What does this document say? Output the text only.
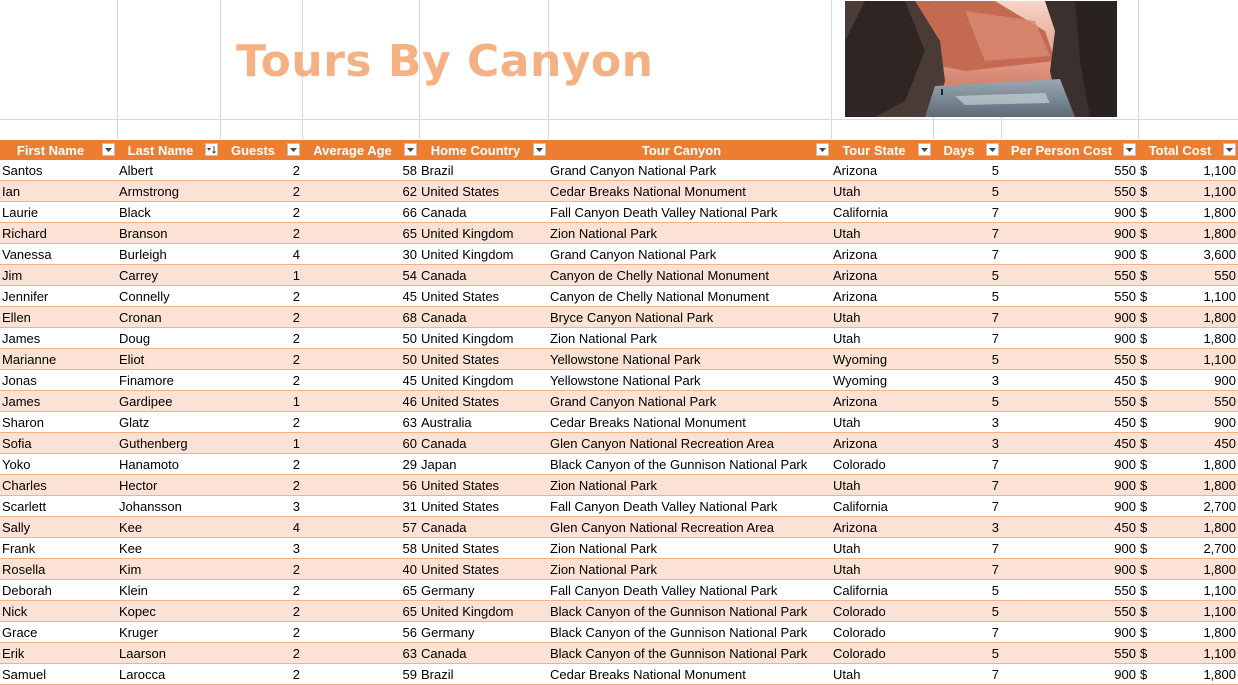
Tours By Canyon
First Name	Last Name	Guests	Average Age	Home Country	Tour Canyon	Tour State	Days	Per Person Cost	Total Cost

Santos	Albert	2	58	Brazil	Grand Canyon National Park	Arizona	5	550	$ 1,100

Ian	Armstrong	2	62	United States	Cedar Breaks National Monument	Utah	5	550	$ 1,100

Laurie	Black	2	66	Canada	Fall Canyon Death Valley National Park	California	7	900	$ 1,800

Richard	Branson	2	65	United Kingdom	Zion National Park	Utah	7	900	$ 1,800

Vanessa	Burleigh	4	30	United Kingdom	Grand Canyon National Park	Arizona	7	900	$ 3,600

Jim	Carrey	1	54	Canada	Canyon de Chelly National Monument	Arizona	5	550	$ 550

Jennifer	Connelly	2	45	United States	Canyon de Chelly National Monument	Arizona	5	550	$ 1,100

Ellen	Cronan	2	68	Canada	Bryce Canyon National Park	Utah	7	900	$ 1,800

James	Doug	2	50	United Kingdom	Zion National Park	Utah	7	900	$ 1,800

Marianne	Eliot	2	50	United States	Yellowstone National Park	Wyoming	5	550	$ 1,100

Jonas	Finamore	2	45	United Kingdom	Yellowstone National Park	Wyoming	3	450	$ 900

James	Gardipee	1	46	United States	Grand Canyon National Park	Arizona	5	550	$ 550

Sharon	Glatz	2	63	Australia	Cedar Breaks National Monument	Utah	3	450	$ 900

Sofia	Guthenberg	1	60	Canada	Glen Canyon National Recreation Area	Arizona	3	450	$ 450

Yoko	Hanamoto	2	29	Japan	Black Canyon of the Gunnison National Park	Colorado	7	900	$ 1,800

Charles	Hector	2	56	United States	Zion National Park	Utah	7	900	$ 1,800

Scarlett	Johansson	3	31	United States	Fall Canyon Death Valley National Park	California	7	900	$ 2,700

Sally	Kee	4	57	Canada	Glen Canyon National Recreation Area	Arizona	3	450	$ 1,800

Frank	Kee	3	58	United States	Zion National Park	Utah	7	900	$ 2,700

Rosella	Kim	2	40	United States	Zion National Park	Utah	7	900	$ 1,800

Deborah	Klein	2	65	Germany	Fall Canyon Death Valley National Park	California	5	550	$ 1,100

Nick	Kopec	2	65	United Kingdom	Black Canyon of the Gunnison National Park	Colorado	5	550	$ 1,100

Grace	Kruger	2	56	Germany	Black Canyon of the Gunnison National Park	Colorado	7	900	$ 1,800

Erik	Laarson	2	63	Canada	Black Canyon of the Gunnison National Park	Colorado	5	550	$ 1,100

Samuel	Larocca	2	59	Brazil	Cedar Breaks National Monument	Utah	7	900	$ 1,800
